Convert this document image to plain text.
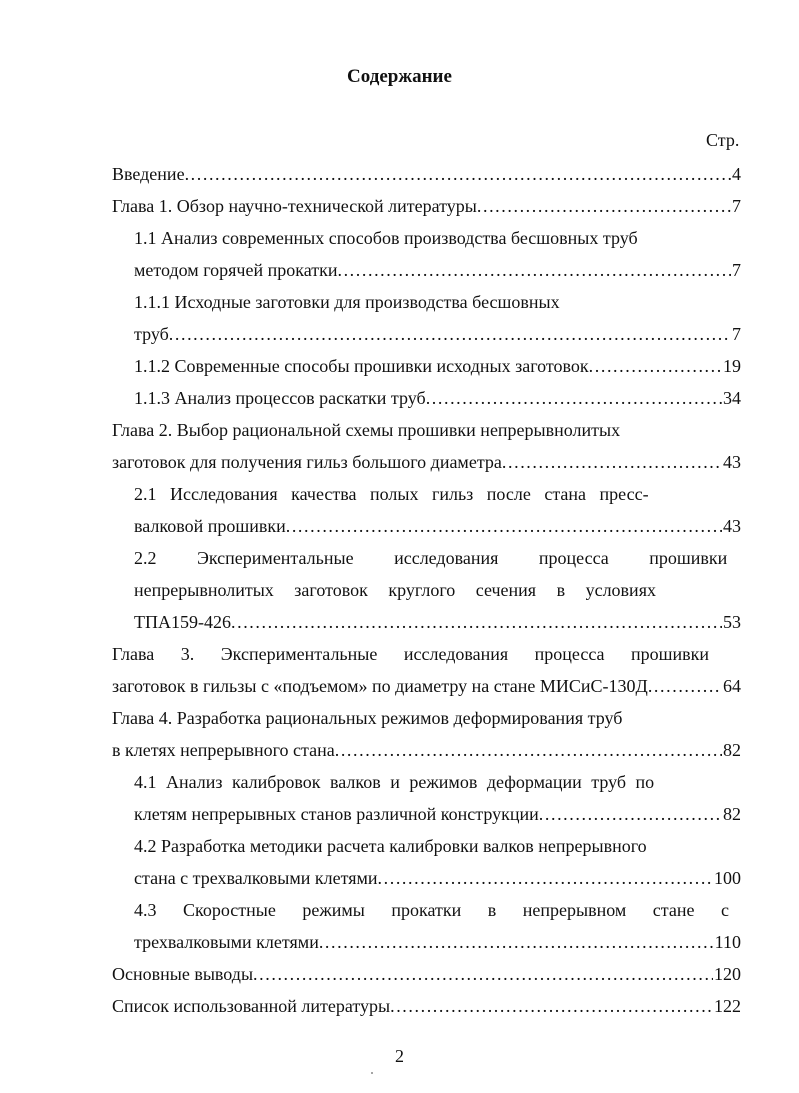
Содержание
Стр.
Введение .....	4
Глава 1. Обзор научно-технической литературы .....	7
1.1 Анализ современных способов производства бесшовных труб
методом горячей прокатки .....	7
1.1.1 Исходные заготовки для производства бесшовных
труб .....	7
1.1.2 Современные способы прошивки исходных заготовок .....	19
1.1.3 Анализ процессов раскатки труб .....	34
Глава 2. Выбор рациональной схемы прошивки непрерывнолитых
заготовок для получения гильз большого диаметра .....	43
2.1 Исследования качества полых гильз после стана пресс-
валковой прошивки .....	43
2.2 Экспериментальные исследования процесса прошивки
непрерывнолитых заготовок круглого сечения в условиях
ТПА159-426 .....	53
Глава 3. Экспериментальные исследования процесса прошивки
заготовок в гильзы с «подъемом» по диаметру на стане МИСиС-130Д .....	64
Глава 4. Разработка рациональных режимов деформирования труб
в клетях непрерывного стана .....	82
4.1 Анализ калибровок валков и режимов деформации труб по
клетям непрерывных станов различной конструкции .....	82
4.2 Разработка методики расчета калибровки валков непрерывного
стана с трехвалковыми клетями .....	100
4.3 Скоростные режимы прокатки в непрерывном стане с
трехвалковыми клетями .....	110
Основные выводы .....	120
Список использованной литературы .....	122
2
